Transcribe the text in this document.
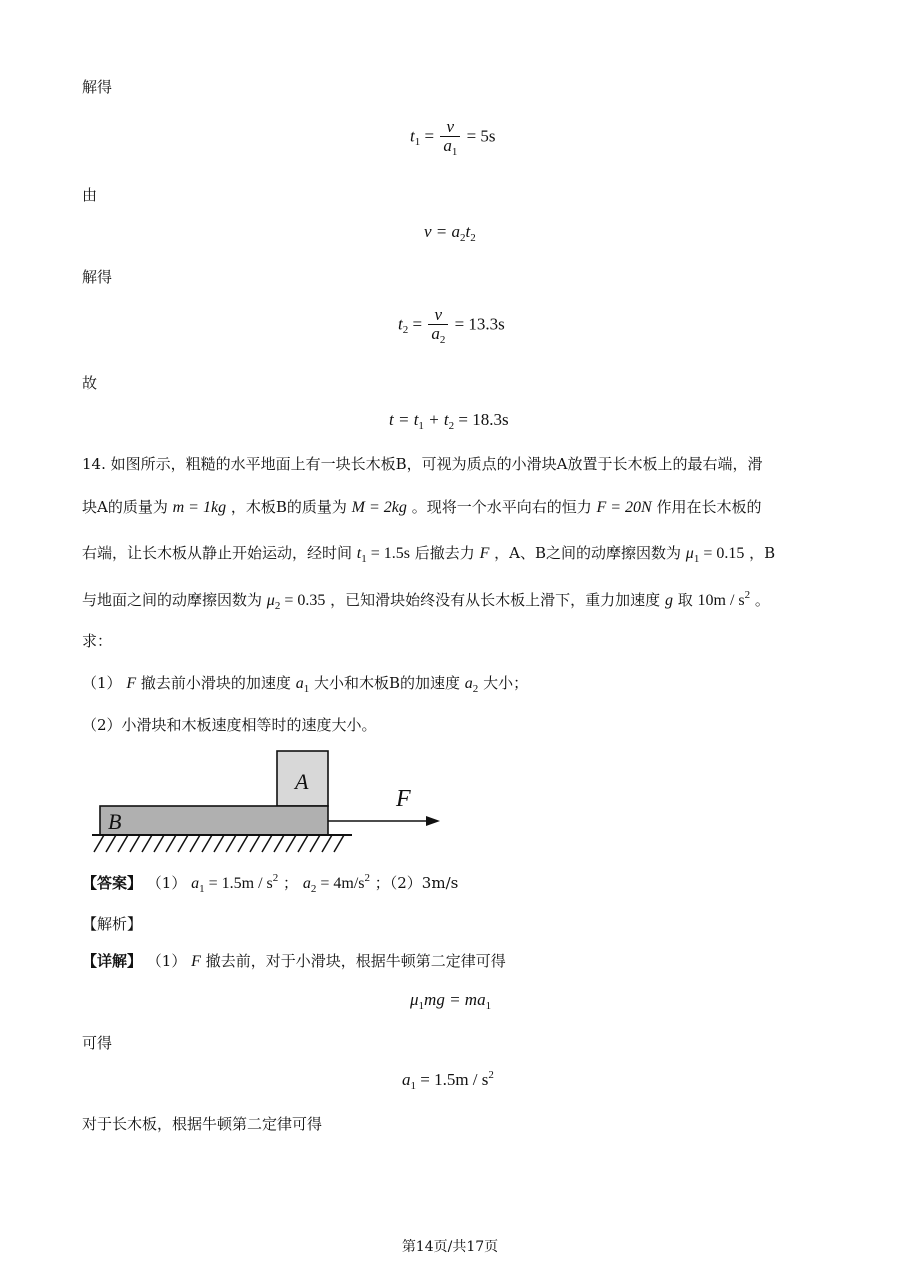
解得
$t_1 = \frac{v}{a_1} = 5s$
由
$v = a_2t_2$
解得
$t_2 = \frac{v}{a_2} = 13.3s$
故
$t = t_1 + t_2 = 18.3s$
14. 如图所示，粗糙的水平地面上有一块长木板B，可视为质点的小滑块A放置于长木板上的最右端，滑
块A的质量为 m = 1kg ，木板B的质量为 M = 2kg 。现将一个水平向右的恒力 F = 20N 作用在长木板的
右端，让长木板从静止开始运动，经时间 $t_1 = 1.5s$ 后撤去力 F ，A、B之间的动摩擦因数为 $\mu_1 = 0.15$ ，B
与地面之间的动摩擦因数为 $\mu_2 = 0.35$ ，已知滑块始终没有从长木板上滑下，重力加速度 g 取 $10m / s^2$ 。
求：
（1） F 撤去前小滑块的加速度 $a_1$ 大小和木板B的加速度 $a_2$ 大小；
（2）小滑块和木板速度相等时的速度大小。
A
B
F
【答案】 （1） $a_1 = 1.5m / s^2$ ； $a_2 = 4m/s^2$ ；（2）3m/s
【解析】
【详解】 （1） F 撤去前，对于小滑块，根据牛顿第二定律可得
$\mu_1mg = ma_1$
可得
$a_1 = 1.5m / s^2$
对于长木板，根据牛顿第二定律可得
第14页/共17页
